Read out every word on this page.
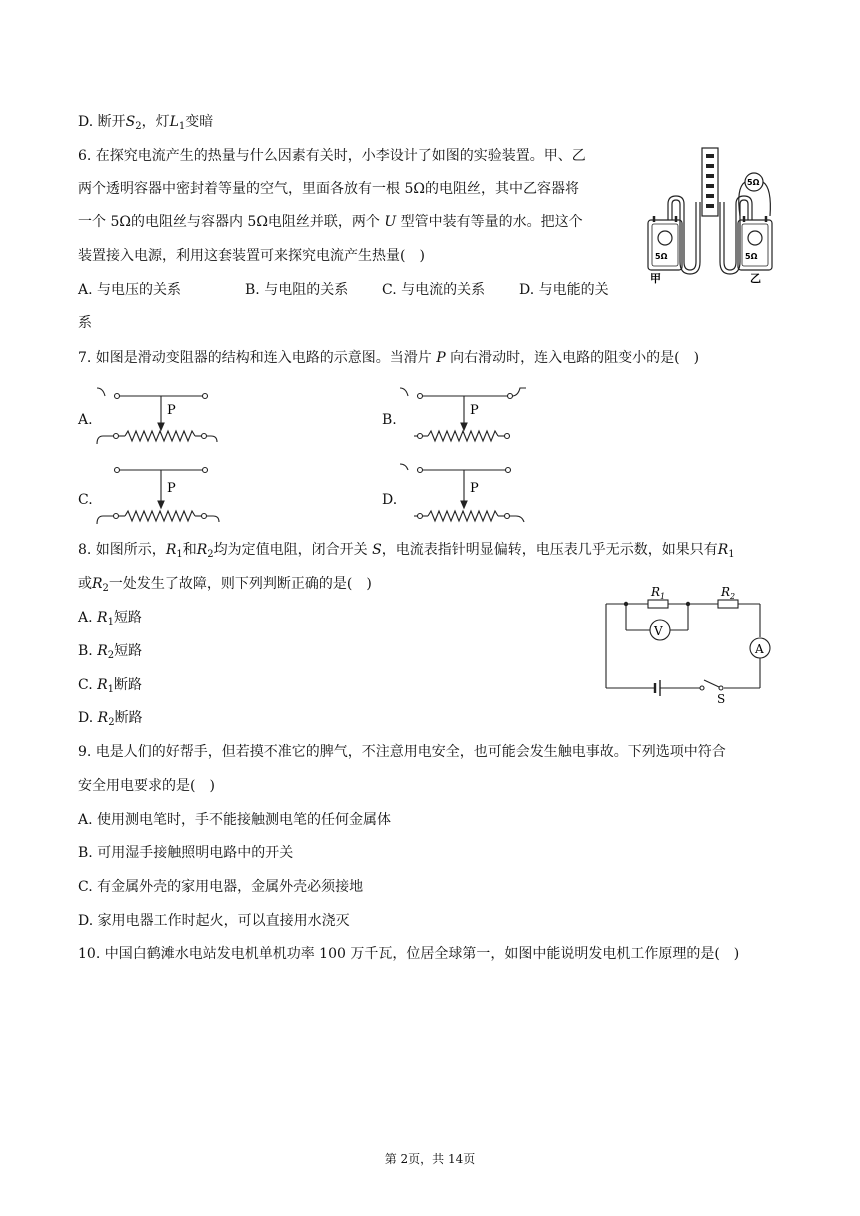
D. 断开$S_2$，灯$L_1$变暗
6. 在探究电流产生的热量与什么因素有关时，小李设计了如图的实验装置。甲、乙
两个透明容器中密封着等量的空气，里面各放有一根 5Ω的电阻丝，其中乙容器将
一个 5Ω的电阻丝与容器内 5Ω电阻丝并联，两个 U 型管中装有等量的水。把这个
装置接入电源，利用这套装置可来探究电流产生热量(　)
A. 与电压的关系	B. 与电阻的关系 C. 与电流的关系 D. 与电能的关
系
5Ω	5Ω
5Ω
甲	乙
7. 如图是滑动变阻器的结构和连入电路的示意图。当滑片 P 向右滑动时，连入电路的阻变小的是(　)
A.	B.
C.	D.
P	P
P	P
8. 如图所示，$R_1$和$R_2$均为定值电阻，闭合开关 S，电流表指针明显偏转，电压表几乎无示数，如果只有$R_1$
或$R_2$一处发生了故障，则下列判断正确的是(　)
A. $R_1$短路
B. $R_2$短路
C. $R_1$断路
D. $R_2$断路
$R_1$	$R_2$
V
A
S
9. 电是人们的好帮手，但若摸不准它的脾气，不注意用电安全，也可能会发生触电事故。下列选项中符合
安全用电要求的是(　)
A. 使用测电笔时，手不能接触测电笔的任何金属体
B. 可用湿手接触照明电路中的开关
C. 有金属外壳的家用电器，金属外壳必须接地
D. 家用电器工作时起火，可以直接用水浇灭
10. 中国白鹤滩水电站发电机单机功率 100 万千瓦，位居全球第一，如图中能说明发电机工作原理的是(　)
第 2页，共 14页
